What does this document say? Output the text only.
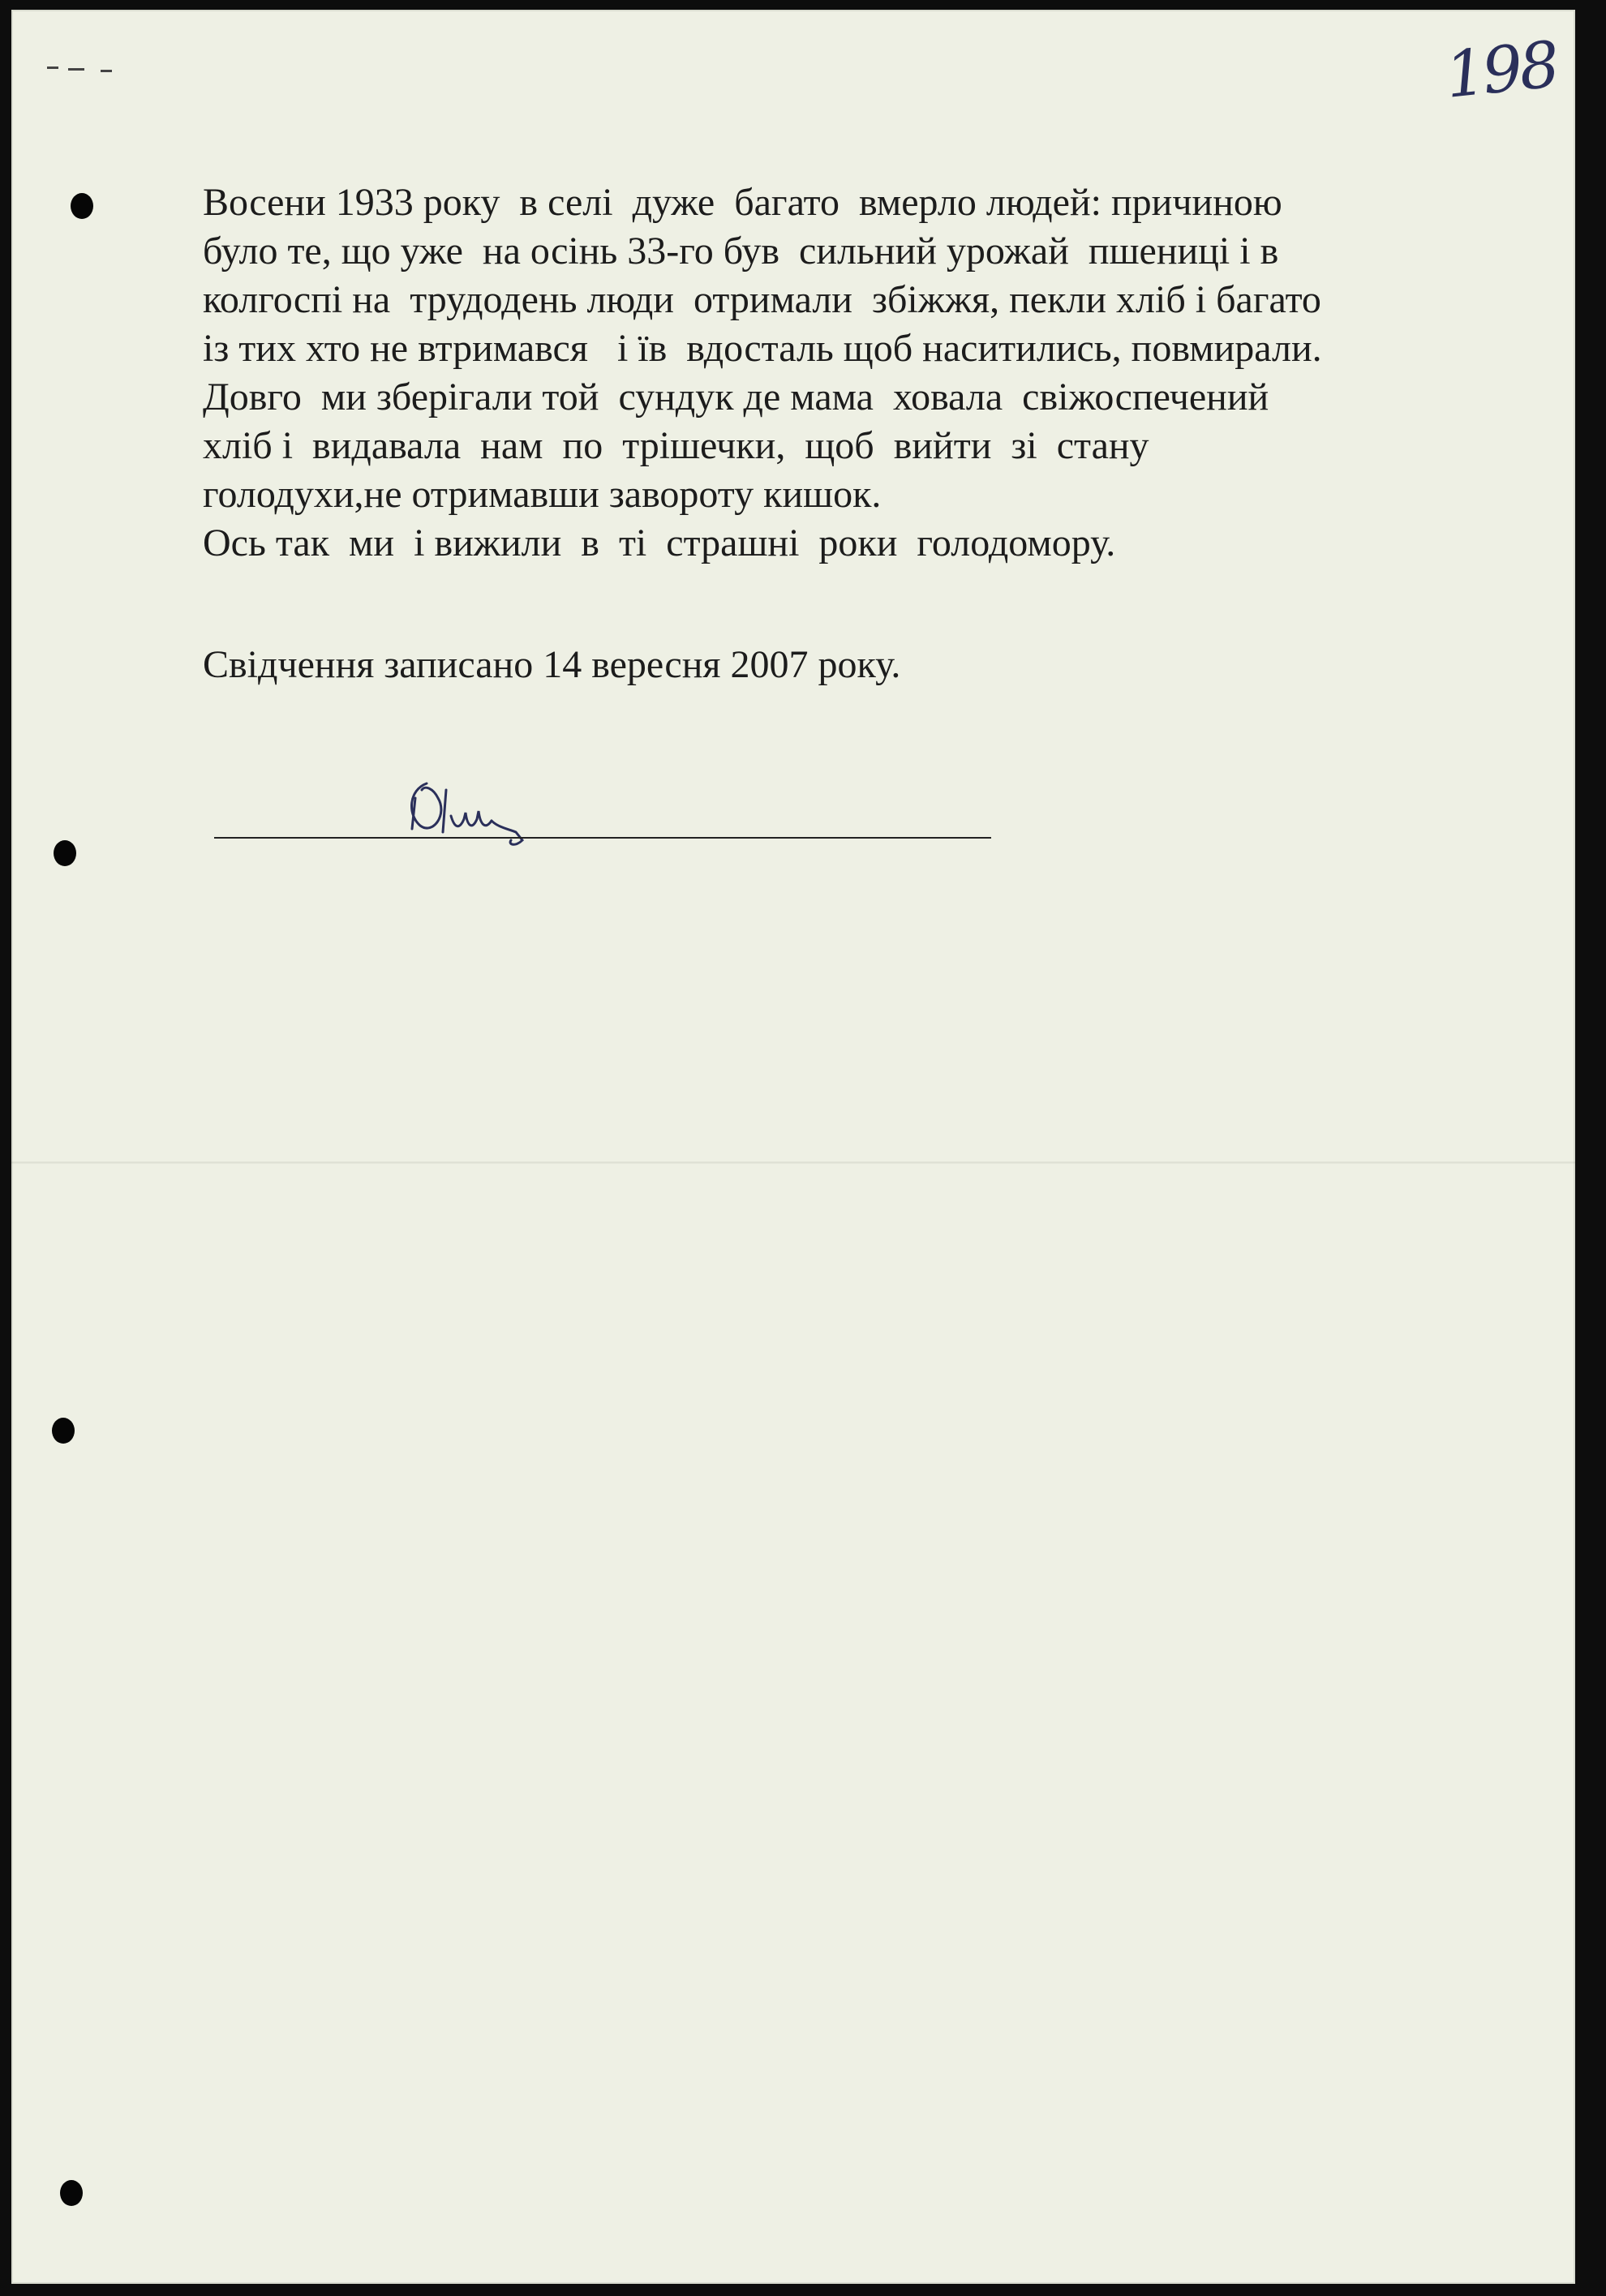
198
Восени 1933 року  в селі  дуже  багато  вмерло людей: причиною
було те, що уже  на осінь 33-го був  сильний урожай  пшениці і в
колгоспі на  трудодень люди  отримали  збіжжя, пекли хліб і багато
із тих хто не втримався   і їв  вдосталь щоб наситились, повмирали.
Довго  ми зберігали той  сундук де мама  ховала  свіжоспечений
хліб і  видавала  нам  по  трішечки,  щоб  вийти  зі  стану
голодухи,не отримавши завороту кишок.
Ось так  ми  і вижили  в  ті  страшні  роки  голодомору.
Свідчення записано 14 вересня 2007 року.
